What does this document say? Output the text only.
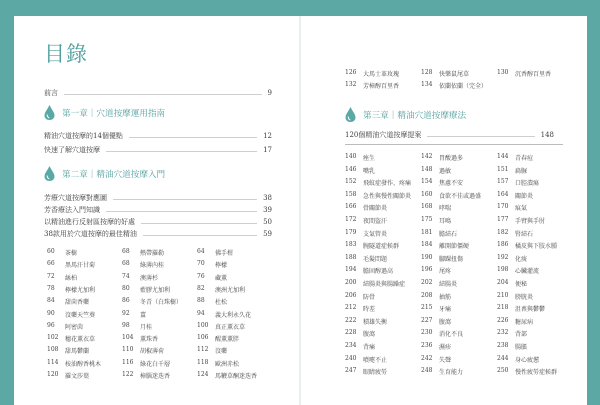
目錄
前言	9
第一章｜穴道按摩運用指南
精油穴道按摩的14個優點	12
快速了解穴道按摩	17
第二章｜精油穴道按摩入門
芳療穴道按摩對應圖	38
芳香療法入門知識	39
以精油進行反射區按摩的好處	50
38款用於穴道按摩的最佳精油	59
60	茶樹	68	熱帶羅勒	64	佛手柑
66	黑馬汗甘菊	68	綠薄內桂	70	檸檬
72	絲柏	74	澳薄杉	76	藏薰
78	檸檬尤加利	80	藍膠尤加利	82	澳洲尤加利
84	甜茴香藥	86	冬青（白珠樹） 88	杜松
90	沒藥天竺葵	92	薑	94	義大利永久花
96	阿密茵	98	月桂	100	真正薰衣草
102	穗花薰衣草	104	薰珠香	106	醒薰薰胖
108	甜馬鬱蘭	110	胡椒薄荷	112	沒藥
114	桉油醇香桃木	116	綠花白千層	118	歐洲赤松
120	羅文莎葉	122	樟腦迷迭香	124	馬鞭草酮迷迭香
126	大馬士革玫瑰	128	快樂鼠尾草	130	沉香醇百里香
132	芳樟醇百里香	134	依蘭依蘭（完全）
第三章｜精油穴道按摩療法
120個精油穴道按摩提案	148
140	痤生	142	胃酸過多	144	青春痘
146	嘴乳	148	過敏	151	扁脲
152	飛蚊症發作、疼痛 154	焦慮不安	157	口腔潰瘍
158	急性與慢性關節炎 160	食欲不佳或過盛	164	關節炎
166	骨關節炎	168	哮喘	170	痕氣
172	夜間盜汗	175	耳鳴	177	手臂與手肘
179	支氣管炎	181	膽結石	182	腎結石
183	腕隧道症候群	184	離開節僵硬	186	橘皮與下肢水腫
188	毛髮問題	190	腳踝扭傷	192	化痰
194	膽固醇過高	196	尾疼	198	心臟灌流
200	結腸炎與腸躁症	202	結腸炎	204	便秘
206	防骨	208	抽筋	210	膀胱炎
212	時差	215	牙痛	218	沮喪與鬱鬱
222	積雄失衡	227	腹瀉	226	糖尿病
228	腹瀉	230	消化不良	232	背部
234	背痛	236	濕疹	238	腸脹
240	噴嚏不止	242	失聲	244	身心疲憊
247	眼睛疲勞	248	生育能力	250	慢性疲勞症候群
